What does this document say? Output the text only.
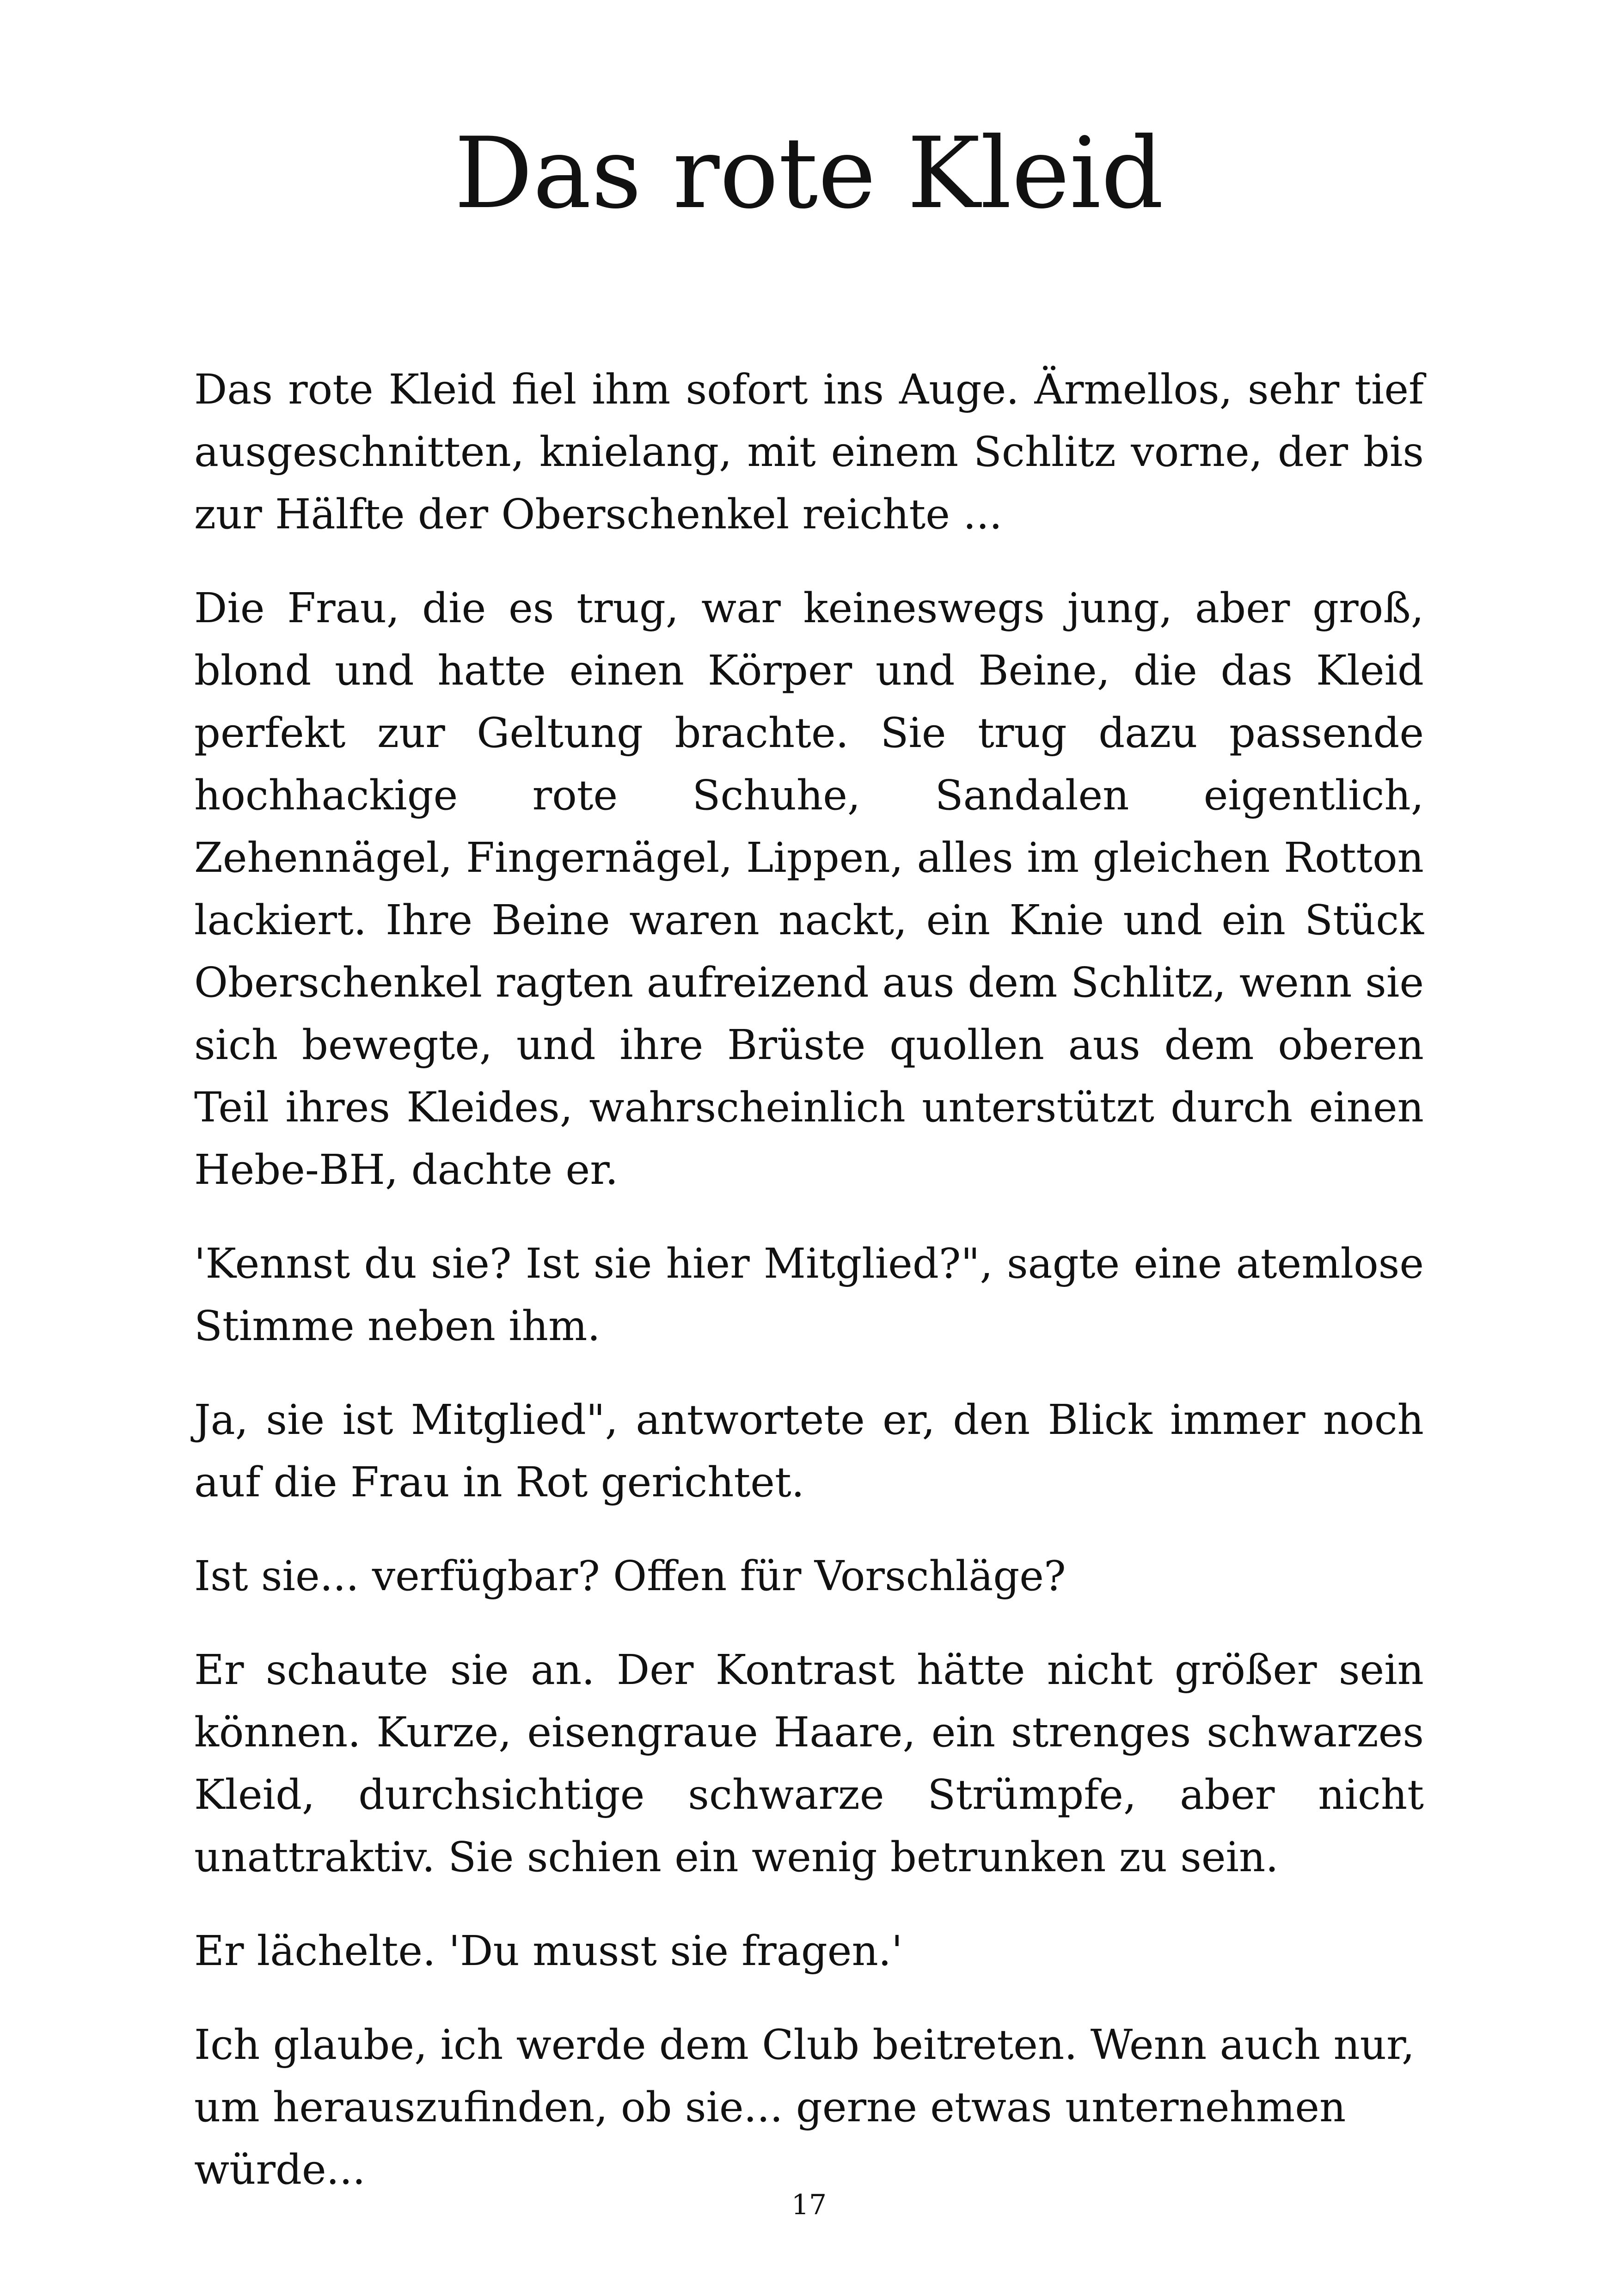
Das rote Kleid

Das rote Kleid fiel ihm sofort ins Auge. Ärmellos, sehr tief ausgeschnitten, knielang, mit einem Schlitz vorne, der bis zur Hälfte der Oberschenkel reichte ...

Die Frau, die es trug, war keineswegs jung, aber groß, blond und hatte einen Körper und Beine, die das Kleid perfekt zur Geltung brachte. Sie trug dazu passende hochhackige rote Schuhe, Sandalen eigentlich, Zehennägel, Fingernägel, Lippen, alles im gleichen Rotton lackiert. Ihre Beine waren nackt, ein Knie und ein Stück Oberschenkel ragten aufreizend aus dem Schlitz, wenn sie sich bewegte, und ihre Brüste quollen aus dem oberen Teil ihres Kleides, wahrscheinlich unterstützt durch einen Hebe-BH, dachte er.

'Kennst du sie? Ist sie hier Mitglied?", sagte eine atemlose Stimme neben ihm.

Ja, sie ist Mitglied", antwortete er, den Blick immer noch auf die Frau in Rot gerichtet.

Ist sie... verfügbar? Offen für Vorschläge?

Er schaute sie an. Der Kontrast hätte nicht größer sein können. Kurze, eisengraue Haare, ein strenges schwarzes Kleid, durchsichtige schwarze Strümpfe, aber nicht unattraktiv. Sie schien ein wenig betrunken zu sein.

Er lächelte. 'Du musst sie fragen.'

Ich glaube, ich werde dem Club beitreten. Wenn auch nur, um herauszufinden, ob sie... gerne etwas unternehmen würde...

17
